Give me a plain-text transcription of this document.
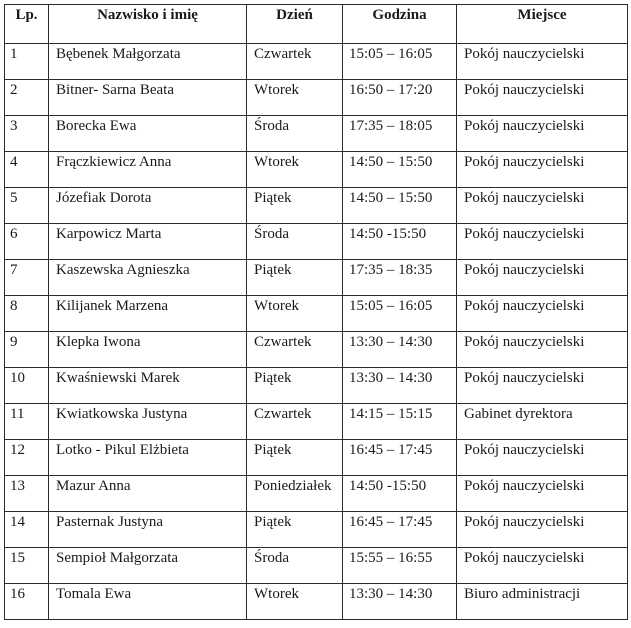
Lp.	Nazwisko i imię	Dzień	Godzina	Miejsce
1	Bębenek Małgorzata	Czwartek	15:05 – 16:05	Pokój nauczycielski
2	Bitner- Sarna Beata	Wtorek	16:50 – 17:20	Pokój nauczycielski
3	Borecka Ewa	Środa	17:35 – 18:05	Pokój nauczycielski
4	Frączkiewicz Anna	Wtorek	14:50 – 15:50	Pokój nauczycielski
5	Józefiak Dorota	Piątek	14:50 – 15:50	Pokój nauczycielski
6	Karpowicz Marta	Środa	14:50 -15:50	Pokój nauczycielski
7	Kaszewska Agnieszka	Piątek	17:35 – 18:35	Pokój nauczycielski
8	Kilijanek Marzena	Wtorek	15:05 – 16:05	Pokój nauczycielski
9	Klepka Iwona	Czwartek	13:30 – 14:30	Pokój nauczycielski
10	Kwaśniewski Marek	Piątek	13:30 – 14:30	Pokój nauczycielski
11	Kwiatkowska Justyna	Czwartek	14:15 – 15:15	Gabinet dyrektora
12	Lotko - Pikul Elżbieta	Piątek	16:45 – 17:45	Pokój nauczycielski
13	Mazur Anna	Poniedziałek	14:50 -15:50	Pokój nauczycielski
14	Pasternak Justyna	Piątek	16:45 – 17:45	Pokój nauczycielski
15	Sempioł Małgorzata	Środa	15:55 – 16:55	Pokój nauczycielski
16	Tomala Ewa	Wtorek	13:30 – 14:30	Biuro administracji
